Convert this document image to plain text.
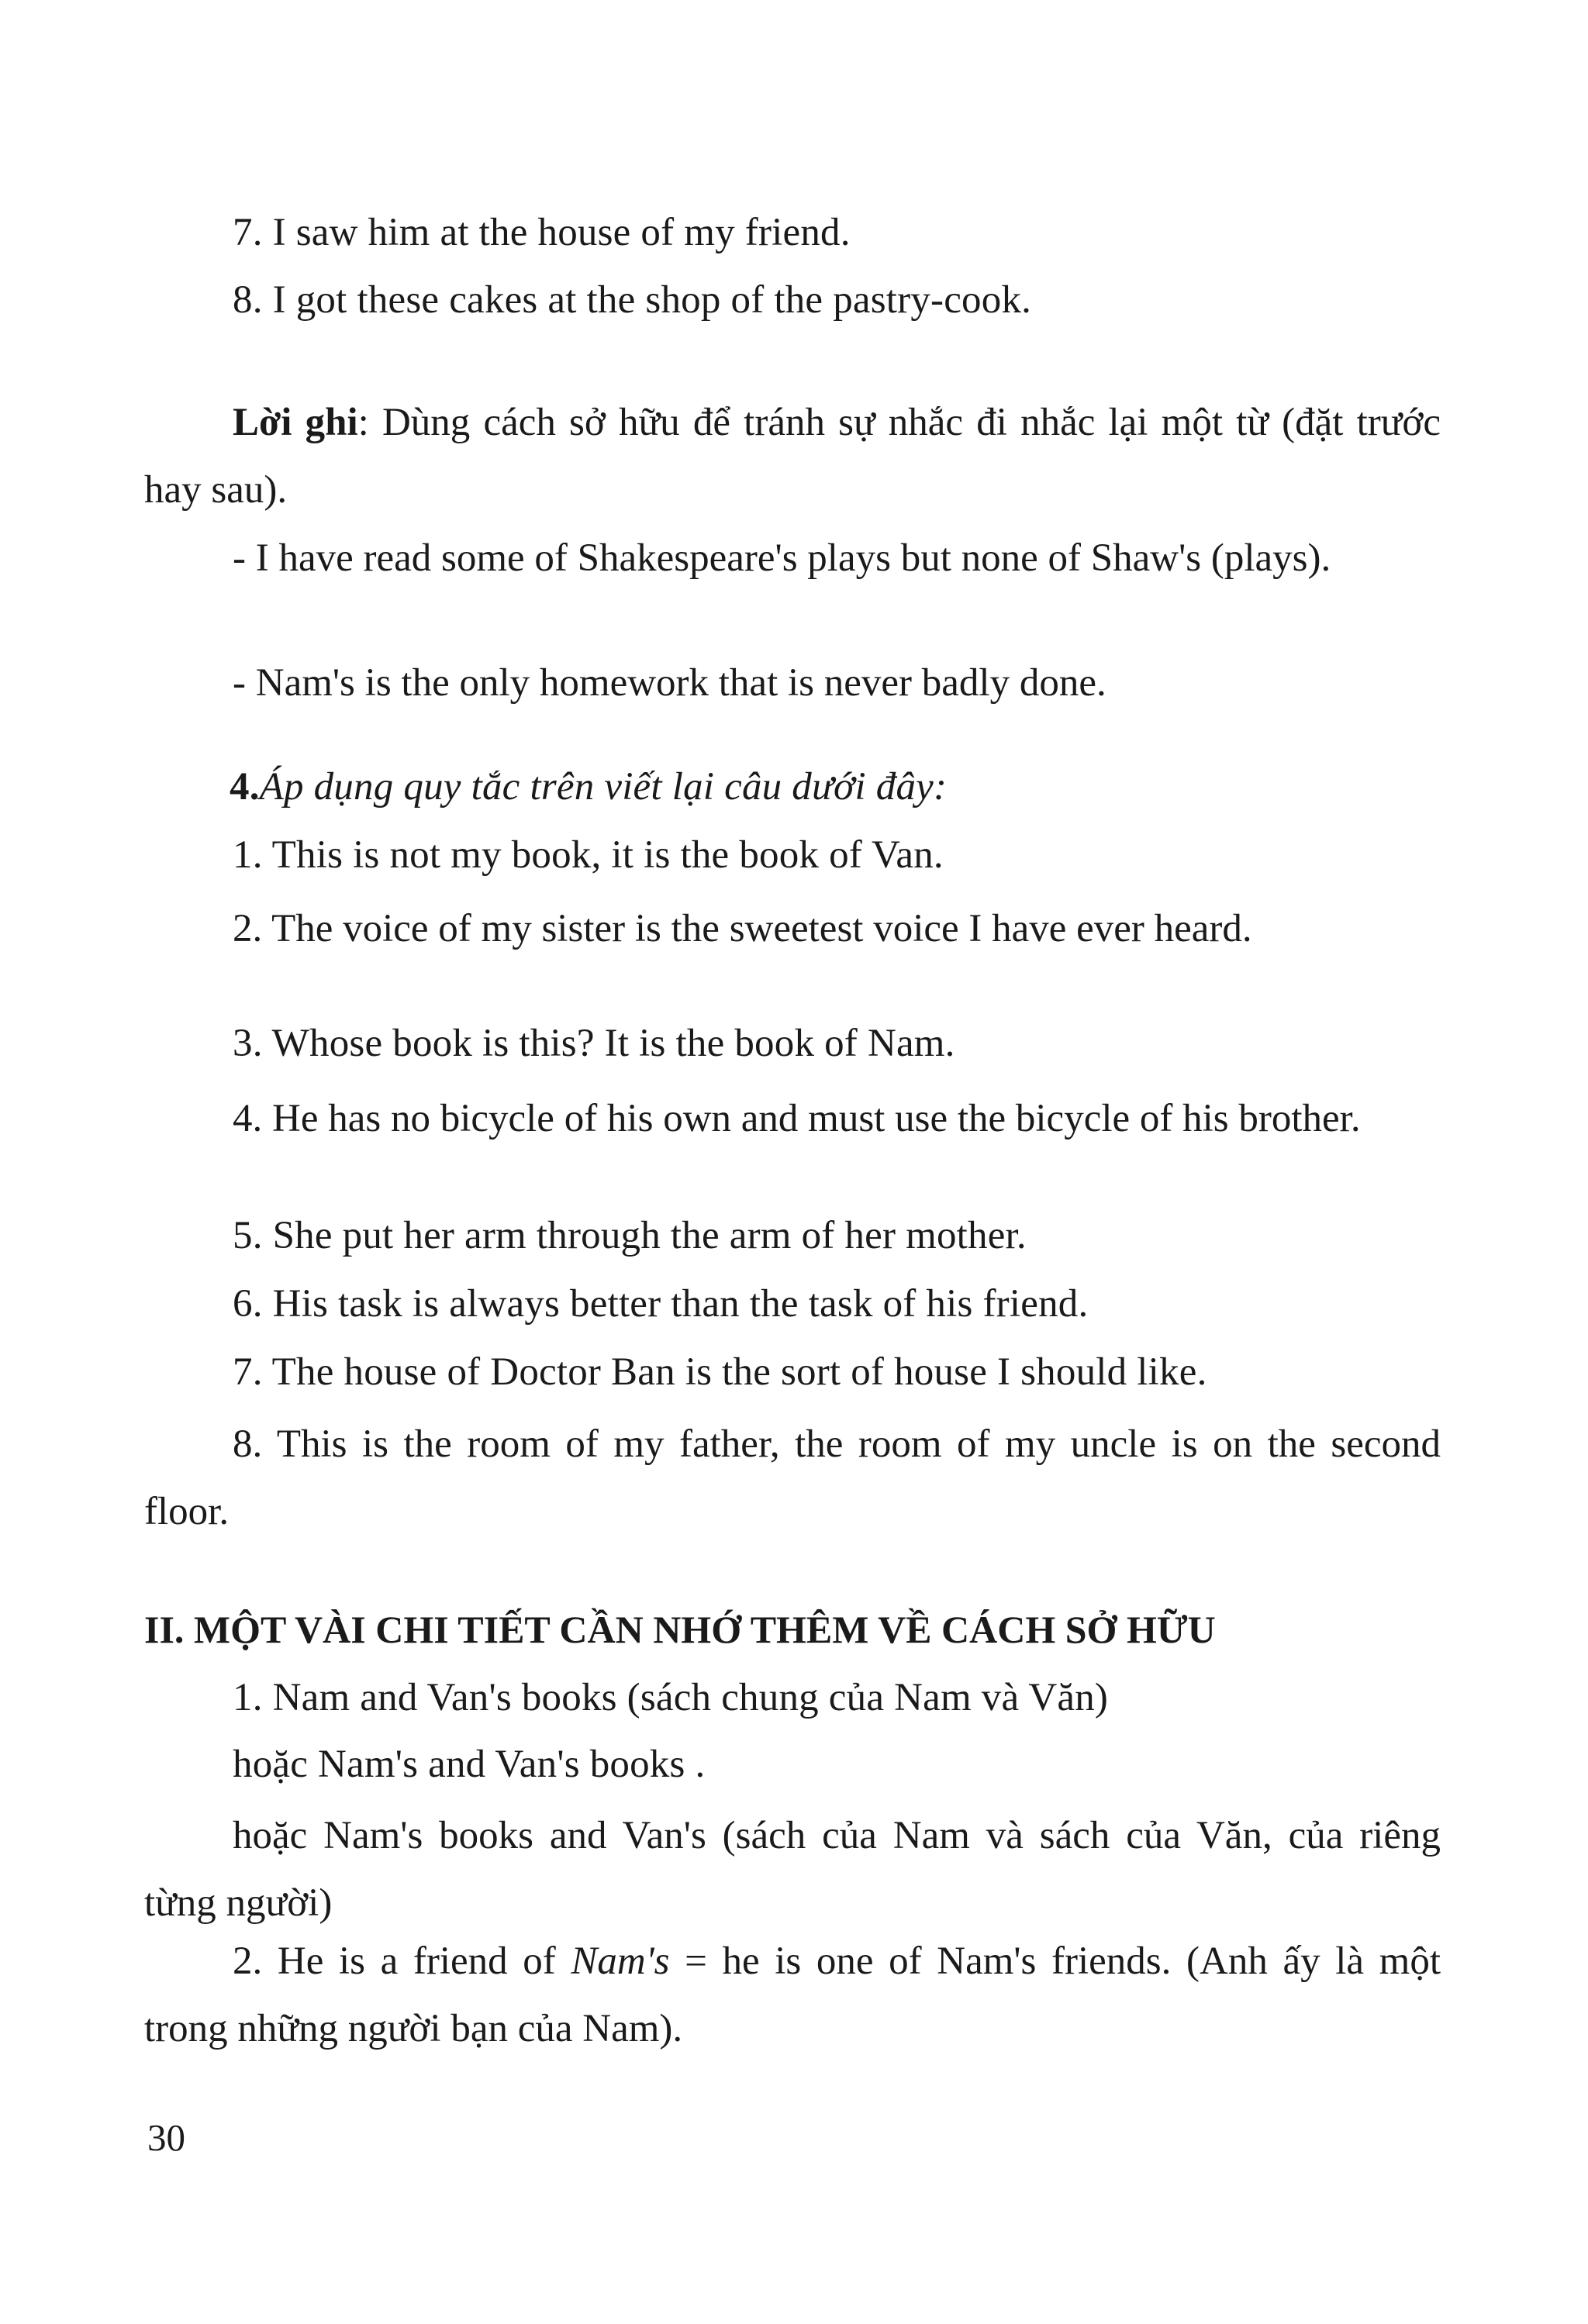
7. I saw him at the house of my friend.
8. I got these cakes at the shop of the pastry-cook.
Lời ghi: Dùng cách sở hữu để tránh sự nhắc đi nhắc lại một từ (đặt trước hay sau).
- I have read some of Shakespeare's plays but none of Shaw's (plays).
- Nam's is the only homework that is never badly done.
4.Áp dụng quy tắc trên viết lại câu dưới đây:
1. This is not my book, it is the book of Van.
2. The voice of my sister is the sweetest voice I have ever heard.
3. Whose book is this? It is the book of Nam.
4. He has no bicycle of his own and must use the bicycle of his brother.
5. She put her arm through the arm of her mother.
6. His task is always better than the task of his friend.
7. The house of Doctor Ban is the sort of house I should like.
8. This is the room of my father, the room of my uncle is on the second floor.
II. MỘT VÀI CHI TIẾT CẦN NHỚ THÊM VỀ CÁCH SỞ HỮU
1. Nam and Van's books (sách chung của Nam và Văn)
hoặc Nam's and Van's books .
hoặc Nam's books and Van's (sách của Nam và sách của Văn, của riêng từng người)
2. He is a friend of Nam's = he is one of Nam's friends. (Anh ấy là một trong những người bạn của Nam).
30
